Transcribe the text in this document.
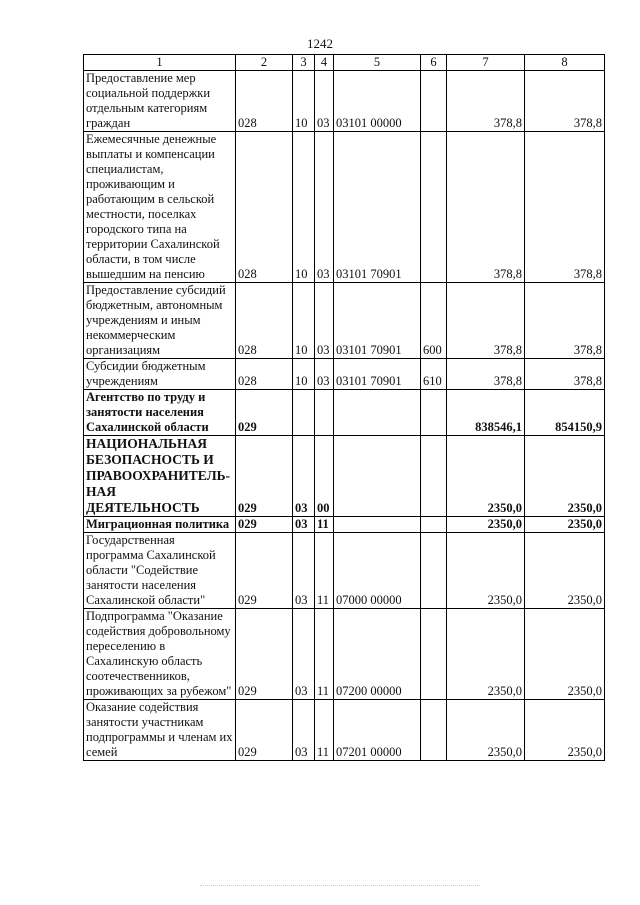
1242
1	2	3	4	5	6	7	8
Предоставление мер социальной поддержки отдельным категориям граждан	028	10	03	03101 00000		378,8	378,8
Ежемесячные денежные выплаты и компенсации специалистам, проживающим и работающим в сельской местности, поселках городского типа на территории Сахалинской области, в том числе вышедшим на пенсию	028	10	03	03101 70901		378,8	378,8
Предоставление субсидий бюджетным, автономным учреждениям и иным некоммерческим организациям	028	10	03	03101 70901	600	378,8	378,8
Субсидии бюджетным учреждениям	028	10	03	03101 70901	610	378,8	378,8
Агентство по труду и занятости населения Сахалинской области	029					838546,1	854150,9
НАЦИОНАЛЬНАЯ БЕЗОПАСНОСТЬ И ПРАВООХРАНИТЕЛЬ-НАЯ ДЕЯТЕЛЬНОСТЬ	029	03	00			2350,0	2350,0
Миграционная политика	029	03	11			2350,0	2350,0
Государственная программа Сахалинской области "Содействие занятости населения Сахалинской области"	029	03	11	07000 00000		2350,0	2350,0
Подпрограмма "Оказание содействия добровольному переселению в Сахалинскую область соотечественников, проживающих за рубежом"	029	03	11	07200 00000		2350,0	2350,0
Оказание содействия занятости участникам подпрограммы и членам их семей	029	03	11	07201 00000		2350,0	2350,0
